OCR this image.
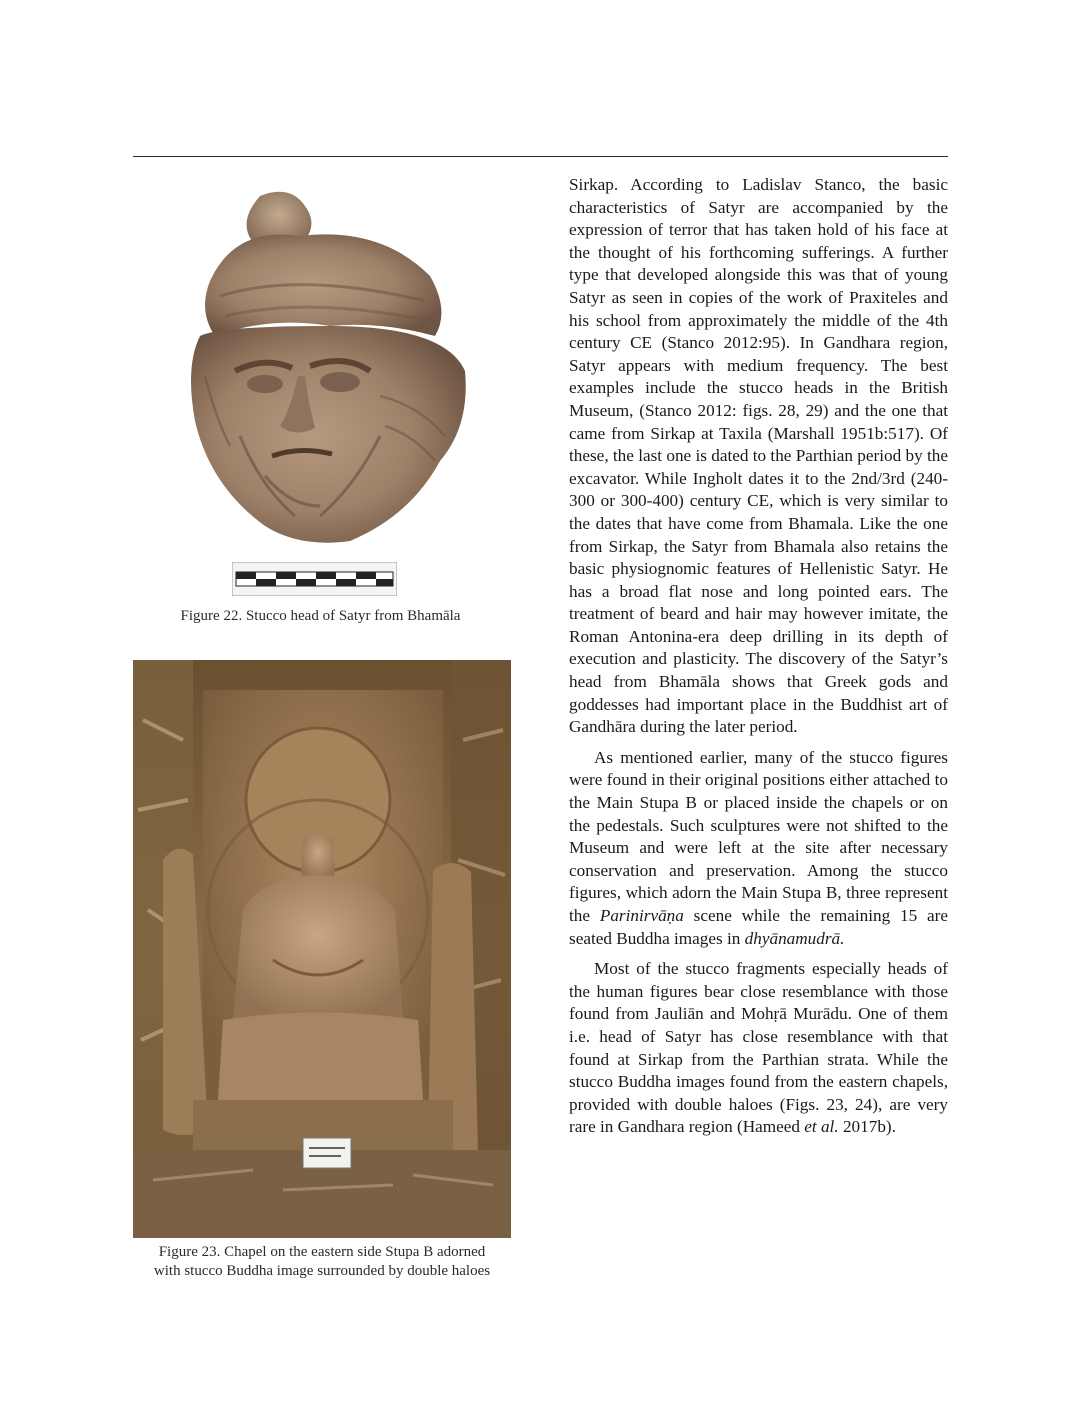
Figure 22. Stucco head of Satyr from Bhamāla
Figure 23. Chapel on the eastern side Stupa B adorned
with stucco Buddha image surrounded by double haloes

Sirkap. According to Ladislav Stanco, the basic characteristics of Satyr are accompanied by the expression of terror that has taken hold of his face at the thought of his forthcoming sufferings. A further type that developed alongside this was that of young Satyr as seen in copies of the work of Praxiteles and his school from approximately the middle of the 4th century CE (Stanco 2012:95). In Gandhara region, Satyr appears with medium frequency. The best examples include the stucco heads in the British Museum, (Stanco 2012: figs. 28, 29) and the one that came from Sirkap at Taxila (Marshall 1951b:517). Of these, the last one is dated to the Parthian period by the excavator. While Ingholt dates it to the 2nd/3rd (240-300 or 300-400) century CE, which is very similar to the dates that have come from Bhamala. Like the one from Sirkap, the Satyr from Bhamala also retains the basic physiognomic features of Hellenistic Satyr. He has a broad flat nose and long pointed ears. The treatment of beard and hair may however imitate, the Roman Antonina-era deep drilling in its depth of execution and plasticity. The discovery of the Satyr’s head from Bhamāla shows that Greek gods and goddesses had important place in the Buddhist art of Gandhāra during the later period.

As mentioned earlier, many of the stucco figures were found in their original positions either attached to the Main Stupa B or placed inside the chapels or on the pedestals. Such sculptures were not shifted to the Museum and were left at the site after necessary conservation and preservation. Among the stucco figures, which adorn the Main Stupa B, three represent the Parinirvāṇa scene while the remaining 15 are seated Buddha images in dhyānamudrā.

Most of the stucco fragments especially heads of the human figures bear close resemblance with those found from Jauliān and Mohṛā Murādu. One of them i.e. head of Satyr has close resemblance with that found at Sirkap from the Parthian strata. While the stucco Buddha images found from the eastern chapels, provided with double haloes (Figs. 23, 24), are very rare in Gandhara region (Hameed et al. 2017b).
